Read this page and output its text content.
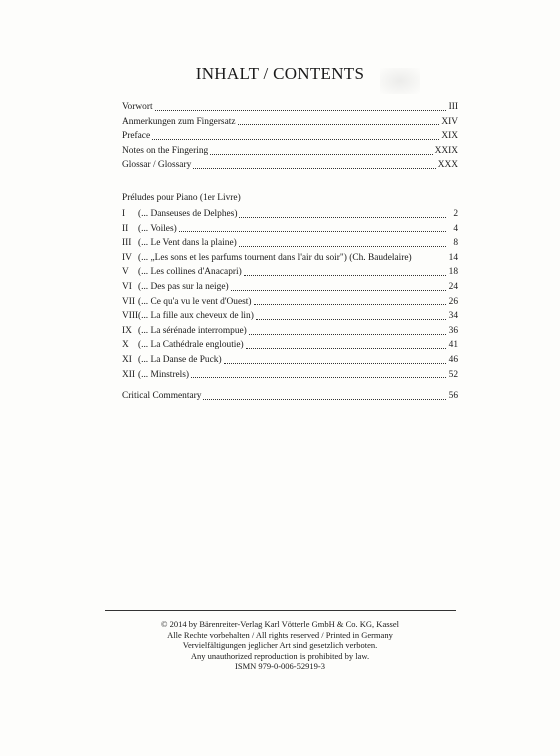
INHALT / CONTENTS
Vorwort	III
Anmerkungen zum Fingersatz	XIV
Preface	XIX
Notes on the Fingering	XXIX
Glossar / Glossary	XXX
Préludes pour Piano (1er Livre)
I	(... Danseuses de Delphes)	2
II	(... Voiles)	4
III (... Le Vent dans la plaine)	8
IV (... „Les sons et les parfums tournent dans l'air du soir") (Ch. Baudelaire)	14
V (... Les collines d'Anacapri)	18
VI (... Des pas sur la neige)	24
VII (... Ce qu'a vu le vent d'Ouest)	26
VIII (... La fille aux cheveux de lin)	34
IX (... La sérénade interrompue)	36
X (... La Cathédrale engloutie)	41
XI (... La Danse de Puck)	46
XII (... Minstrels)	52
Critical Commentary	56
© 2014 by Bärenreiter-Verlag Karl Vötterle GmbH & Co. KG, Kassel
Alle Rechte vorbehalten / All rights reserved / Printed in Germany
Vervielfältigungen jeglicher Art sind gesetzlich verboten.
Any unauthorized reproduction is prohibited by law.
ISMN 979-0-006-52919-3
